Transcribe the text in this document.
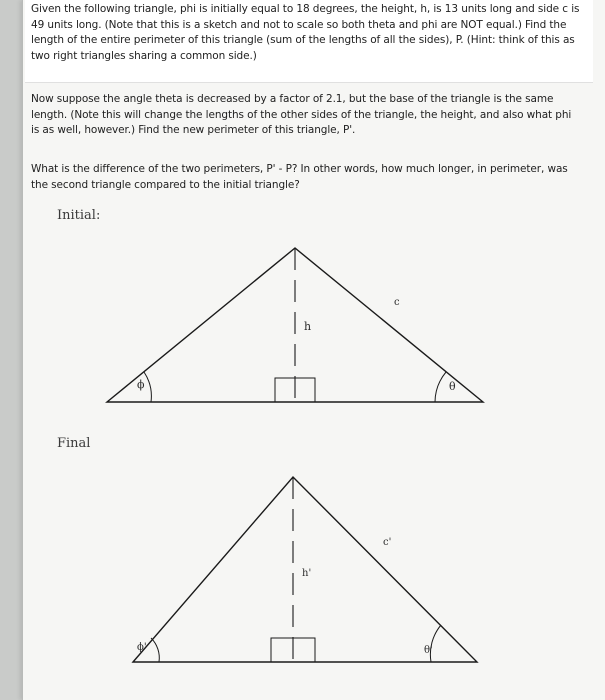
Given the following triangle, phi is initially equal to 18 degrees, the height, h, is 13 units long and side c is 49 units long. (Note that this is a sketch and not to scale so both theta and phi are NOT equal.) Find the length of the entire perimeter of this triangle (sum of the lengths of all the sides), P. (Hint: think of this as two right triangles sharing a common side.)

Now suppose the angle theta is decreased by a factor of 2.1, but the base of the triangle is the same length. (Note this will change the lengths of the other sides of the triangle, the height, and also what phi is as well, however.) Find the new perimeter of this triangle, P'.

What is the difference of the two perimeters, P' - P? In other words, how much longer, in perimeter, was the second triangle compared to the initial triangle?

Initial:
Final
ϕ	θ
h
c
ϕ'	θ'
h'
c'
